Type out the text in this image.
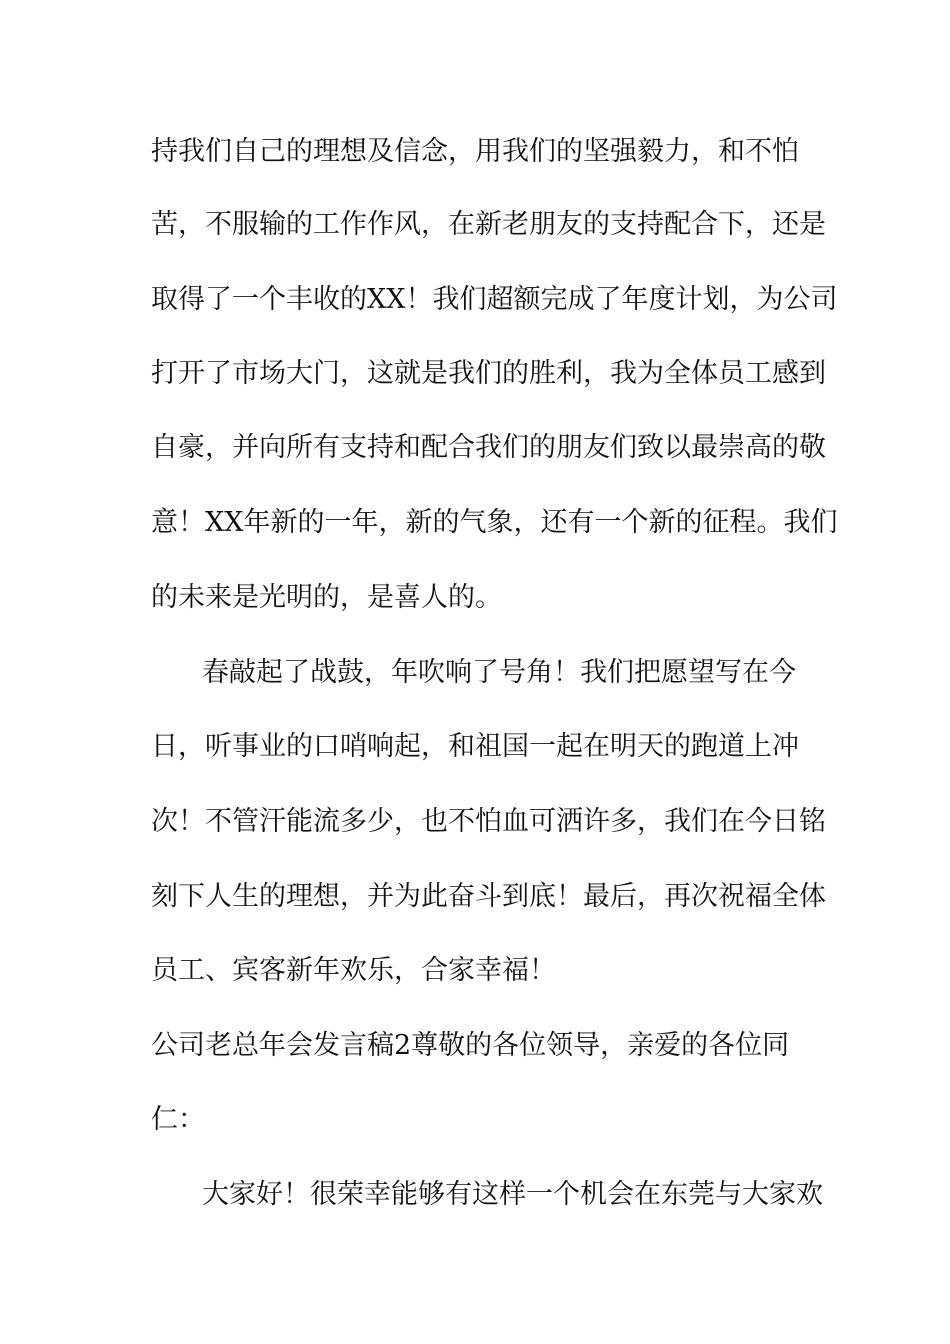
持我们自己的理想及信念，用我们的坚强毅力，和不怕
苦，不服输的工作作风，在新老朋友的支持配合下，还是
取得了一个丰收的XX！我们超额完成了年度计划，为公司
打开了市场大门，这就是我们的胜利，我为全体员工感到
自豪，并向所有支持和配合我们的朋友们致以最崇高的敬
意！XX年新的一年，新的气象，还有一个新的征程。我们
的未来是光明的，是喜人的。
春敲起了战鼓，年吹响了号角！我们把愿望写在今
日，听事业的口哨响起，和祖国一起在明天的跑道上冲
次！不管汗能流多少，也不怕血可洒许多，我们在今日铭
刻下人生的理想，并为此奋斗到底！最后，再次祝福全体
员工、宾客新年欢乐，合家幸福！
公司老总年会发言稿2尊敬的各位领导，亲爱的各位同
仁：
大家好！很荣幸能够有这样一个机会在东莞与大家欢
